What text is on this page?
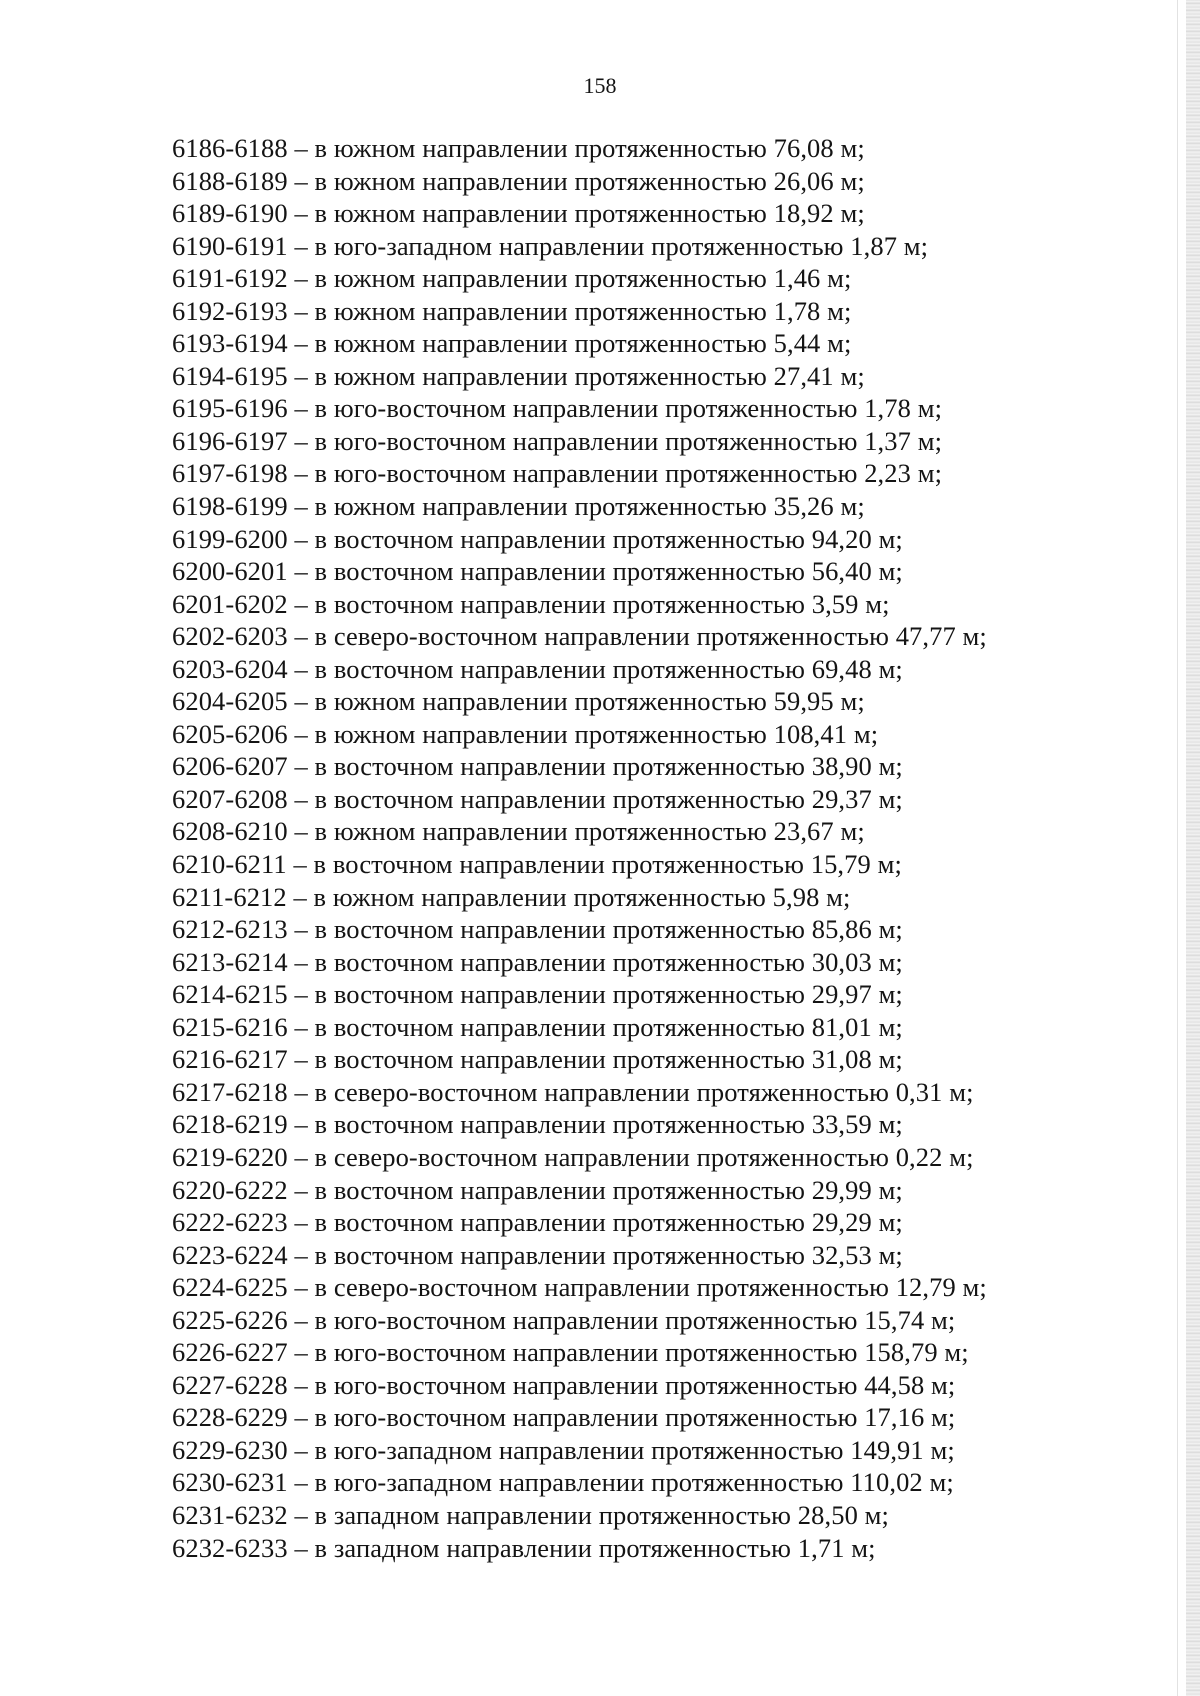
158
6186-6188 – в южном направлении протяженностью 76,08 м;
6188-6189 – в южном направлении протяженностью 26,06 м;
6189-6190 – в южном направлении протяженностью 18,92 м;
6190-6191 – в юго-западном направлении протяженностью 1,87 м;
6191-6192 – в южном направлении протяженностью 1,46 м;
6192-6193 – в южном направлении протяженностью 1,78 м;
6193-6194 – в южном направлении протяженностью 5,44 м;
6194-6195 – в южном направлении протяженностью 27,41 м;
6195-6196 – в юго-восточном направлении протяженностью 1,78 м;
6196-6197 – в юго-восточном направлении протяженностью 1,37 м;
6197-6198 – в юго-восточном направлении протяженностью 2,23 м;
6198-6199 – в южном направлении протяженностью 35,26 м;
6199-6200 – в восточном направлении протяженностью 94,20 м;
6200-6201 – в восточном направлении протяженностью 56,40 м;
6201-6202 – в восточном направлении протяженностью 3,59 м;
6202-6203 – в северо-восточном направлении протяженностью 47,77 м;
6203-6204 – в восточном направлении протяженностью 69,48 м;
6204-6205 – в южном направлении протяженностью 59,95 м;
6205-6206 – в южном направлении протяженностью 108,41 м;
6206-6207 – в восточном направлении протяженностью 38,90 м;
6207-6208 – в восточном направлении протяженностью 29,37 м;
6208-6210 – в южном направлении протяженностью 23,67 м;
6210-6211 – в восточном направлении протяженностью 15,79 м;
6211-6212 – в южном направлении протяженностью 5,98 м;
6212-6213 – в восточном направлении протяженностью 85,86 м;
6213-6214 – в восточном направлении протяженностью 30,03 м;
6214-6215 – в восточном направлении протяженностью 29,97 м;
6215-6216 – в восточном направлении протяженностью 81,01 м;
6216-6217 – в восточном направлении протяженностью 31,08 м;
6217-6218 – в северо-восточном направлении протяженностью 0,31 м;
6218-6219 – в восточном направлении протяженностью 33,59 м;
6219-6220 – в северо-восточном направлении протяженностью 0,22 м;
6220-6222 – в восточном направлении протяженностью 29,99 м;
6222-6223 – в восточном направлении протяженностью 29,29 м;
6223-6224 – в восточном направлении протяженностью 32,53 м;
6224-6225 – в северо-восточном направлении протяженностью 12,79 м;
6225-6226 – в юго-восточном направлении протяженностью 15,74 м;
6226-6227 – в юго-восточном направлении протяженностью 158,79 м;
6227-6228 – в юго-восточном направлении протяженностью 44,58 м;
6228-6229 – в юго-восточном направлении протяженностью 17,16 м;
6229-6230 – в юго-западном направлении протяженностью 149,91 м;
6230-6231 – в юго-западном направлении протяженностью 110,02 м;
6231-6232 – в западном направлении протяженностью 28,50 м;
6232-6233 – в западном направлении протяженностью 1,71 м;
